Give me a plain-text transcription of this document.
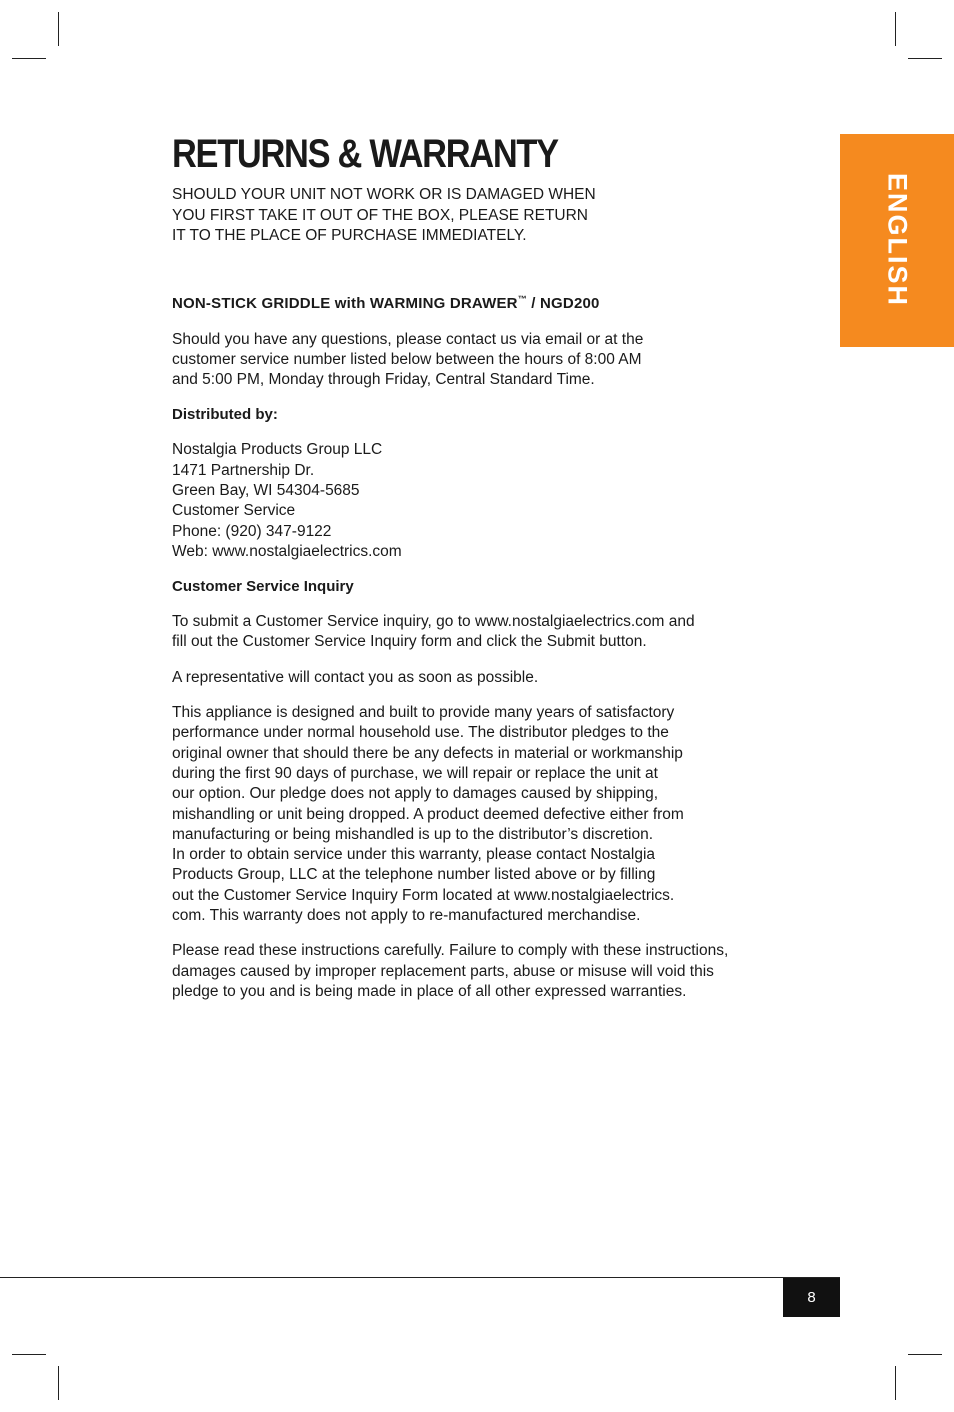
ENGLISH
RETURNS & WARRANTY

SHOULD YOUR UNIT NOT WORK OR IS DAMAGED WHEN
YOU FIRST TAKE IT OUT OF THE BOX, PLEASE RETURN
IT TO THE PLACE OF PURCHASE IMMEDIATELY.

NON-STICK GRIDDLE with WARMING DRAWER™ / NGD200

Should you have any questions, please contact us via email or at the
customer service number listed below between the hours of 8:00 AM
and 5:00 PM, Monday through Friday, Central Standard Time.

Distributed by:

Nostalgia Products Group LLC
1471 Partnership Dr.
Green Bay, WI 54304-5685
Customer Service
Phone: (920) 347-9122
Web: www.nostalgiaelectrics.com

Customer Service Inquiry

To submit a Customer Service inquiry, go to www.nostalgiaelectrics.com and
fill out the Customer Service Inquiry form and click the Submit button.

A representative will contact you as soon as possible.

This appliance is designed and built to provide many years of satisfactory
performance under normal household use. The distributor pledges to the
original owner that should there be any defects in material or workmanship
during the first 90 days of purchase, we will repair or replace the unit at
our option. Our pledge does not apply to damages caused by shipping,
mishandling or unit being dropped. A product deemed defective either from
manufacturing or being mishandled is up to the distributor’s discretion.
In order to obtain service under this warranty, please contact Nostalgia
Products Group, LLC at the telephone number listed above or by filling
out the Customer Service Inquiry Form located at www.nostalgiaelectrics.
com. This warranty does not apply to re-manufactured merchandise.

Please read these instructions carefully. Failure to comply with these instructions,
damages caused by improper replacement parts, abuse or misuse will void this
pledge to you and is being made in place of all other expressed warranties.

8
